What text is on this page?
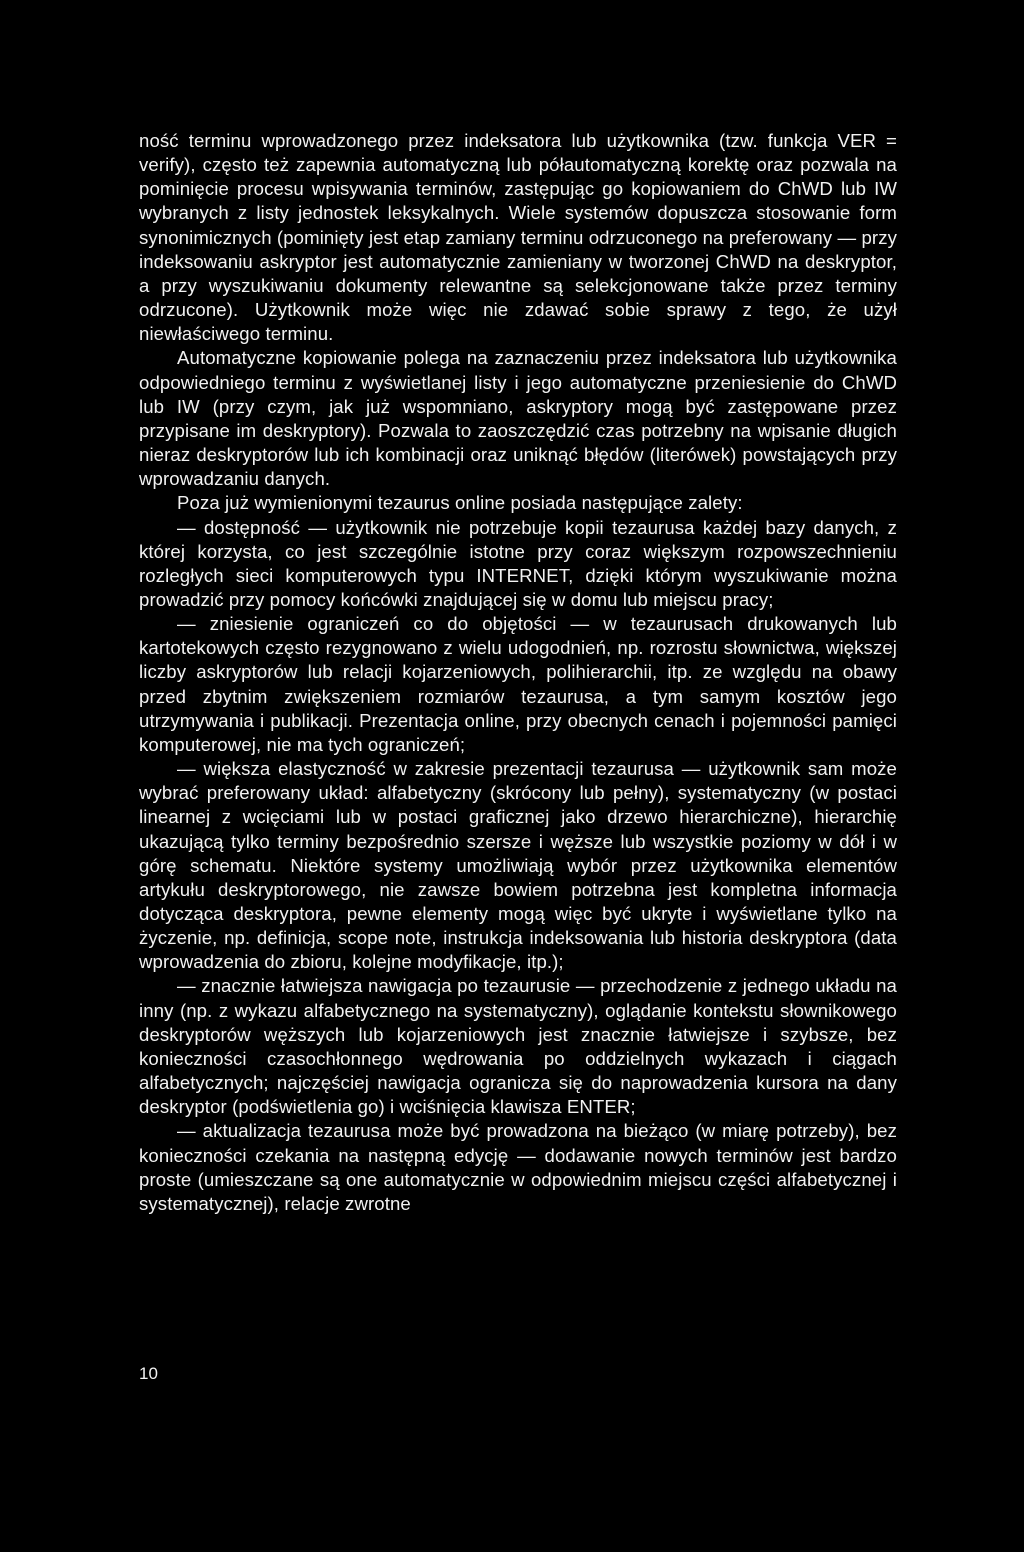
ność terminu wprowadzonego przez indeksatora lub użytkownika (tzw. funkcja VER = verify), często też zapewnia automatyczną lub półautomatyczną korektę oraz pozwala na pominięcie procesu wpisywania terminów, zastępując go kopiowaniem do ChWD lub IW wybranych z listy jednostek leksykalnych. Wiele systemów dopuszcza stosowanie form synonimicznych (pominięty jest etap zamiany terminu odrzuconego na preferowany — przy indeksowaniu askryptor jest automatycznie zamieniany w tworzonej ChWD na deskryptor, a przy wyszukiwaniu dokumenty relewantne są selekcjonowane także przez terminy odrzucone). Użytkownik może więc nie zdawać sobie sprawy z tego, że użył niewłaściwego terminu.

Automatyczne kopiowanie polega na zaznaczeniu przez indeksatora lub użytkownika odpowiedniego terminu z wyświetlanej listy i jego automatyczne przeniesienie do ChWD lub IW (przy czym, jak już wspomniano, askryptory mogą być zastępowane przez przypisane im deskryptory). Pozwala to zaoszczędzić czas potrzebny na wpisanie długich nieraz deskryptorów lub ich kombinacji oraz uniknąć błędów (literówek) powstających przy wprowadzaniu danych.

Poza już wymienionymi tezaurus online posiada następujące zalety:

— dostępność — użytkownik nie potrzebuje kopii tezaurusa każdej bazy danych, z której korzysta, co jest szczególnie istotne przy coraz większym rozpowszechnieniu rozległych sieci komputerowych typu INTERNET, dzięki którym wyszukiwanie można prowadzić przy pomocy końcówki znajdującej się w domu lub miejscu pracy;

— zniesienie ograniczeń co do objętości — w tezaurusach drukowanych lub kartotekowych często rezygnowano z wielu udogodnień, np. rozrostu słownictwa, większej liczby askryptorów lub relacji kojarzeniowych, polihierarchii, itp. ze względu na obawy przed zbytnim zwiększeniem rozmiarów tezaurusa, a tym samym kosztów jego utrzymywania i publikacji. Prezentacja online, przy obecnych cenach i pojemności pamięci komputerowej, nie ma tych ograniczeń;

— większa elastyczność w zakresie prezentacji tezaurusa — użytkownik sam może wybrać preferowany układ: alfabetyczny (skrócony lub pełny), systematyczny (w postaci linearnej z wcięciami lub w postaci graficznej jako drzewo hierarchiczne), hierarchię ukazującą tylko terminy bezpośrednio szersze i węższe lub wszystkie poziomy w dół i w górę schematu. Niektóre systemy umożliwiają wybór przez użytkownika elementów artykułu deskryptorowego, nie zawsze bowiem potrzebna jest kompletna informacja dotycząca deskryptora, pewne elementy mogą więc być ukryte i wyświetlane tylko na życzenie, np. definicja, scope note, instrukcja indeksowania lub historia deskryptora (data wprowadzenia do zbioru, kolejne modyfikacje, itp.);

— znacznie łatwiejsza nawigacja po tezaurusie — przechodzenie z jednego układu na inny (np. z wykazu alfabetycznego na systematyczny), oglądanie kontekstu słownikowego deskryptorów węższych lub kojarzeniowych jest znacznie łatwiejsze i szybsze, bez konieczności czasochłonnego wędrowania po oddzielnych wykazach i ciągach alfabetycznych; najczęściej nawigacja ogranicza się do naprowadzenia kursora na dany deskryptor (podświetlenia go) i wciśnięcia klawisza ENTER;

— aktualizacja tezaurusa może być prowadzona na bieżąco (w miarę potrzeby), bez konieczności czekania na następną edycję — dodawanie nowych terminów jest bardzo proste (umieszczane są one automatycznie w odpowiednim miejscu części alfabetycznej i systematycznej), relacje zwrotne

10
